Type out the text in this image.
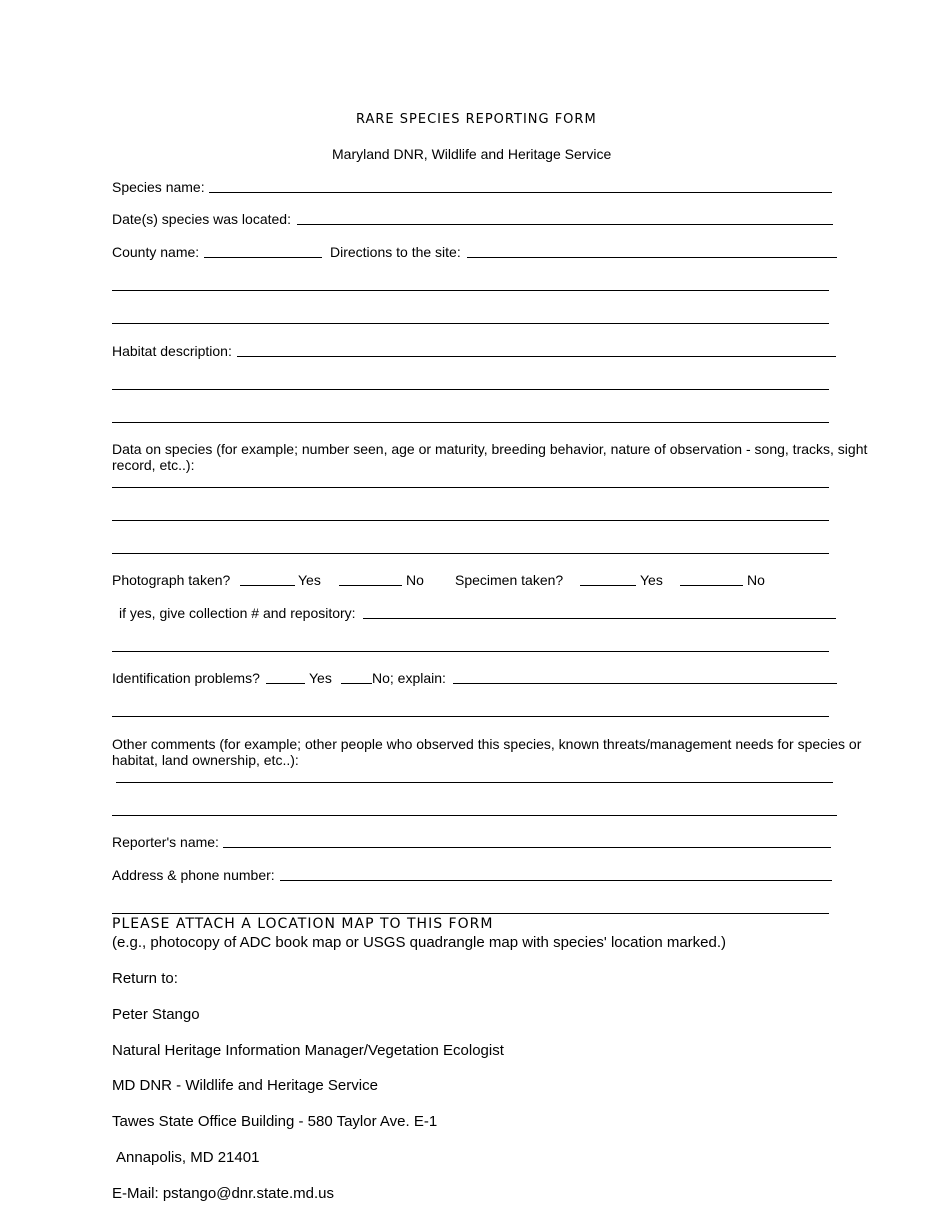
RARE SPECIES REPORTING FORM
Maryland DNR, Wildlife and Heritage Service
Species name:
Date(s) species was located:
County name:	Directions to the site:
Habitat description:
Data on species (for example; number seen, age or maturity, breeding behavior, nature of observation - song, tracks, sight
record, etc..):
Photograph taken?	Yes	No Specimen taken?	Yes	No
if yes, give collection # and repository:
Identification problems?	Yes	No; explain:
Other comments (for example; other people who observed this species, known threats/management needs for species or
habitat, land ownership, etc..):
Reporter's name:
Address & phone number:
PLEASE ATTACH A LOCATION MAP TO THIS FORM
(e.g., photocopy of ADC book map or USGS quadrangle map with species' location marked.)
Return to:
Peter Stango
Natural Heritage Information Manager/Vegetation Ecologist
MD DNR - Wildlife and Heritage Service
Tawes State Office Building - 580 Taylor Ave. E-1
Annapolis, MD 21401
E-Mail: pstango@dnr.state.md.us
